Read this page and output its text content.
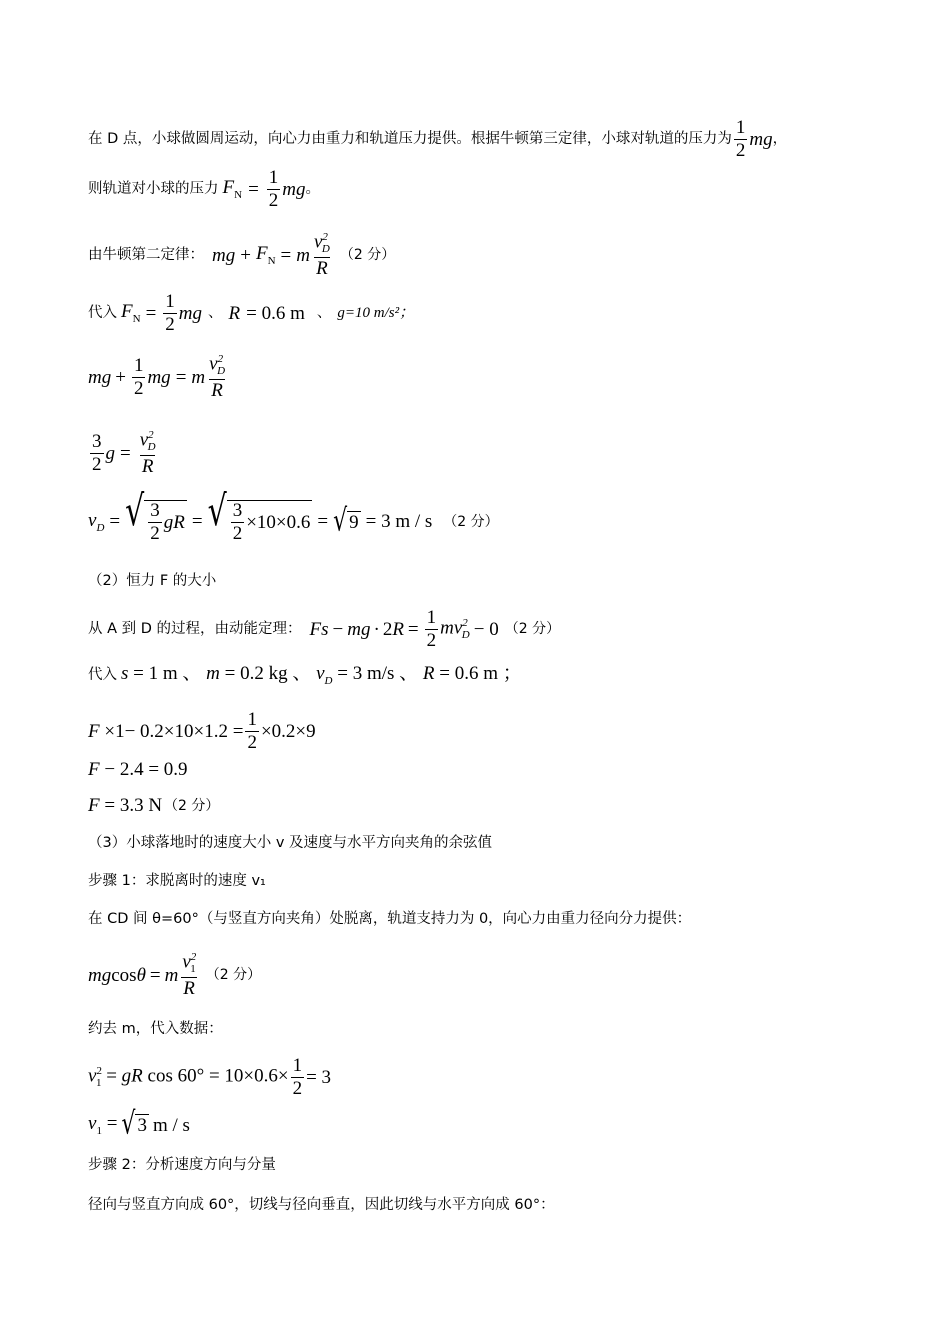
在 D 点，小球做圆周运动，向心力由重力和轨道压力提供。根据牛顿第三定律，小球对轨道的压力为 $\frac{1}{2}$ mg ，
则轨道对小球的压力 $F_N = \frac{1}{2}$ mg 。
由牛顿第二定律： mg + $F_N = m \frac{v^2_D}{R} (2$ 分）
代入 $F_N = \frac{1}{2}$ mg 、 R = 0.6 m 、 g=10 m/s²；
mg + $\frac{1}{2}$ mg = m $\frac{v^2_D}{R}$
$\frac{3}{2}$ $g = \frac{v^2_D}{R}$
$v_D$ = √ $\frac{3}{2}$ gR = √ $\frac{3}{2} \times 10\times 0.6$ = √ 9 = 3 m / s （2 分）
（2）恒力 F 的大小
从 A 到 D 的过程，由动能定理： Fs − mg · $2R = \frac{1}{2} mv^2_D - 0$ （2 分）
代入 s = 1 m 、 m = 0.2 kg 、 $v_D = 3$ m/s 、 R = 0.6 m ；
$F \times 1- 0.2\times 10\times 1.2 = \frac{1}{2} \times 0.2\times 9$
F − 2.4 = 0.9
F = 3.3 N （2 分）
（3）小球落地时的速度大小 v 及速度与水平方向夹角的余弦值
步骤 1：求脱离时的速度 v₁
在 CD 间 θ=60°（与竖直方向夹角）处脱离，轨道支持力为 0，向心力由重力径向分力提供：
mg cos θ = m $\frac{v^2_1}{R} (2$ 分）
约去 m，代入数据：
$v^2_1$ = gR $\cos 60^\circ = 10\times 0.6\times \frac{1}{2} = 3$
$v_1$ = √ 3 m / s
步骤 2：分析速度方向与分量
径向与竖直方向成 60°，切线与径向垂直，因此切线与水平方向成 60°：
